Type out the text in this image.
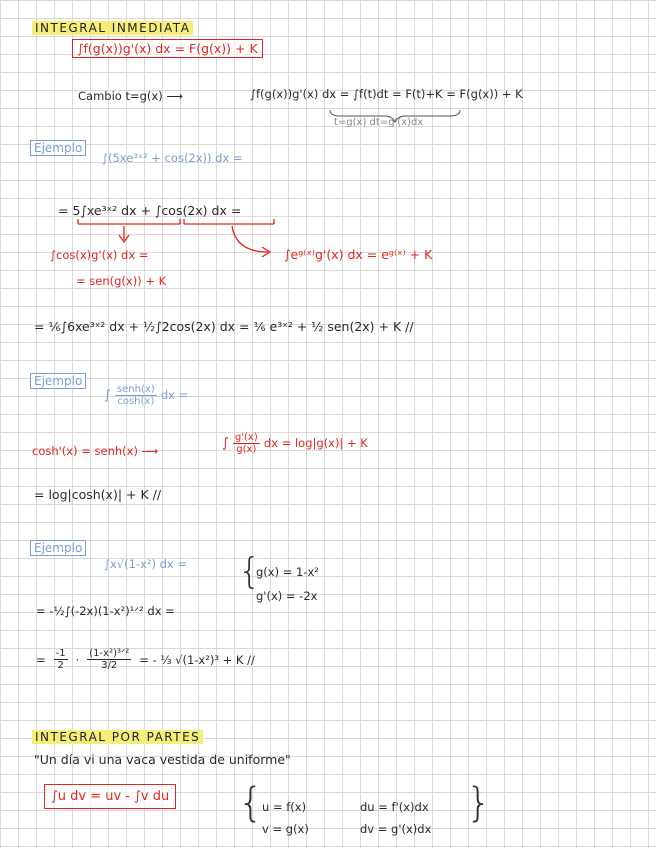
INTEGRAL INMEDIATA
∫f(g(x))g'(x) dx = F(g(x)) + K
Cambio t=g(x) ⟶	∫f(g(x))g'(x) dx = ∫f(t)dt = F(t)+K = F(g(x)) + K
t=g(x) dt=g'(x)dx
Ejemplo
∫(5xe³ˣ² + cos(2x)) dx =
= 5∫xe³ˣ² dx + ∫cos(2x) dx =
∫cos(x)g'(x) dx =
= sen(g(x)) + K
∫eᵍ⁽ˣ⁾g'(x) dx = eᵍ⁽ˣ⁾ + K
= ⅙∫6xe³ˣ² dx + ½∫2cos(2x) dx = ⅙ e³ˣ² + ½ sen(2x) + K //
Ejemplo
∫ $\frac{\text{senh(x)}}{\cosh(x)}$ dx =
cosh'(x) = senh(x) ⟶	∫ $\frac{g'(x)}{g(x)}$ dx = log|g(x)| + K
= log|cosh(x)| + K //
Ejemplo
∫x√(1-x²) dx = {
g(x) = 1-x²
g'(x) = -2x
= -½∫(-2x)(1-x²)¹ᐟ² dx =
= $\frac{-1}{2} \cdot \frac{\text{(1-x²)³ᐟ²}}{3/2}$ = - ⅓ √(1-x²)³ + K //
INTEGRAL POR PARTES
"Un día vi una vaca vestida de uniforme"
∫u dv = uv - ∫v du {
u = f(x)
v = g(x)
du = f'(x)dx
dv = g'(x)dx
}
